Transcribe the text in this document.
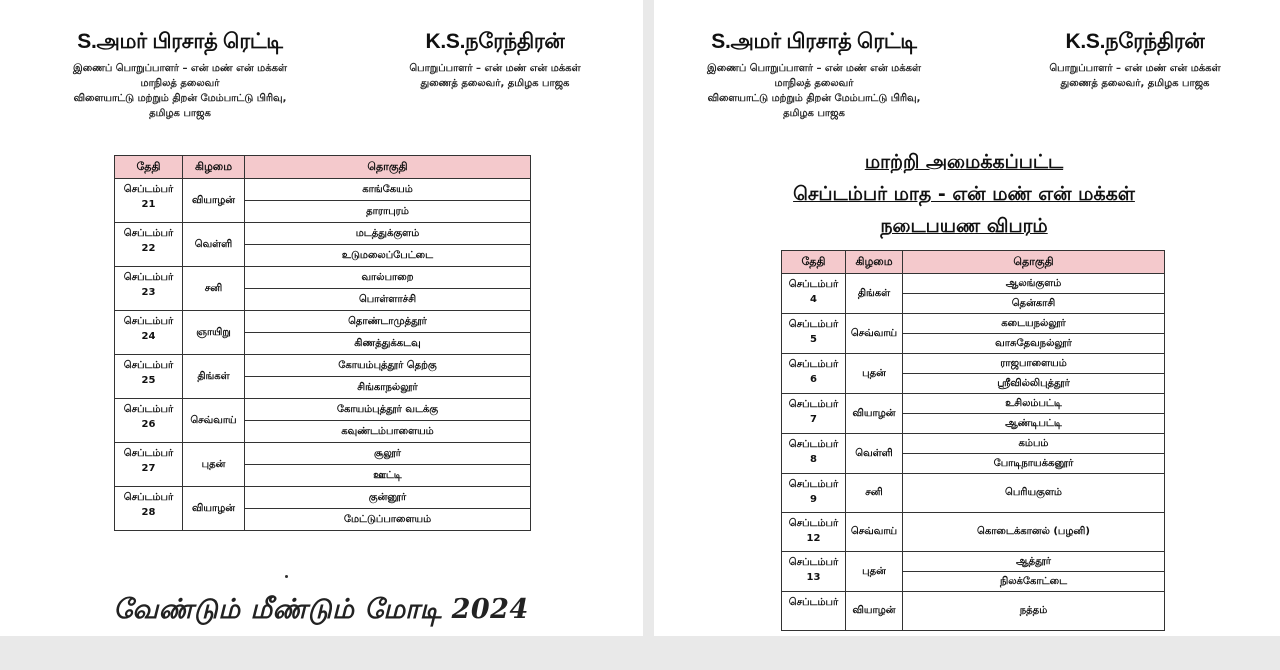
S.அமர் பிரசாத் ரெட்டி
இணைப் பொறுப்பாளர் – என் மண் என் மக்கள்
மாநிலத் தலைவர்
விளையாட்டு மற்றும் திறன் மேம்பாட்டு பிரிவு,
தமிழக பாஜக
K.S.நரேந்திரன்
பொறுப்பாளர் – என் மண் என் மக்கள்
துணைத் தலைவர், தமிழக பாஜக
தேதி	கிழமை	தொகுதி
செப்டம்பர் 21	வியாழன்	காங்கேயம்
		தாராபுரம்
செப்டம்பர் 22	வெள்ளி	மடத்துக்குளம்
		உடுமலைப்பேட்டை
செப்டம்பர் 23	சனி	வால்பாறை
		பொள்ளாச்சி
செப்டம்பர் 24	ஞாயிறு	தொண்டாமுத்தூர்
		கிணத்துக்கடவு
செப்டம்பர் 25	திங்கள்	கோயம்புத்தூர் தெற்கு
		சிங்காநல்லூர்
செப்டம்பர் 26	செவ்வாய்	கோயம்புத்தூர் வடக்கு
		கவுண்டம்பாளையம்
செப்டம்பர் 27	புதன்	சூலூர்
		ஊட்டி
செப்டம்பர் 28	வியாழன்	குன்னூர்
		மேட்டுப்பாளையம்
வேண்டும் மீண்டும் மோடி 2024
S.அமர் பிரசாத் ரெட்டி
இணைப் பொறுப்பாளர் – என் மண் என் மக்கள்
மாநிலத் தலைவர்
விளையாட்டு மற்றும் திறன் மேம்பாட்டு பிரிவு,
தமிழக பாஜக
K.S.நரேந்திரன்
பொறுப்பாளர் – என் மண் என் மக்கள்
துணைத் தலைவர், தமிழக பாஜக
மாற்றி அமைக்கப்பட்ட
செப்டம்பர் மாத - என் மண் என் மக்கள்
நடைபயண விபரம்
தேதி	கிழமை	தொகுதி
செப்டம்பர் 4	திங்கள்	ஆலங்குளம்
		தென்காசி
செப்டம்பர் 5	செவ்வாய்	கடையநல்லூர்
		வாசுதேவநல்லூர்
செப்டம்பர் 6	புதன்	ராஜபாளையம்
		ஸ்ரீவில்லிபுத்தூர்
செப்டம்பர் 7	வியாழன்	உசிலம்பட்டி
		ஆண்டிபட்டி
செப்டம்பர் 8	வெள்ளி	கம்பம்
		போடிநாயக்கனூர்
செப்டம்பர் 9	சனி	பெரியகுளம்
செப்டம்பர் 12	செவ்வாய்	கொடைக்கானல் (பழனி)
செப்டம்பர் 13	புதன்	ஆத்தூர்
		நிலக்கோட்டை
செப்டம்பர்	வியாழன்	நத்தம்
